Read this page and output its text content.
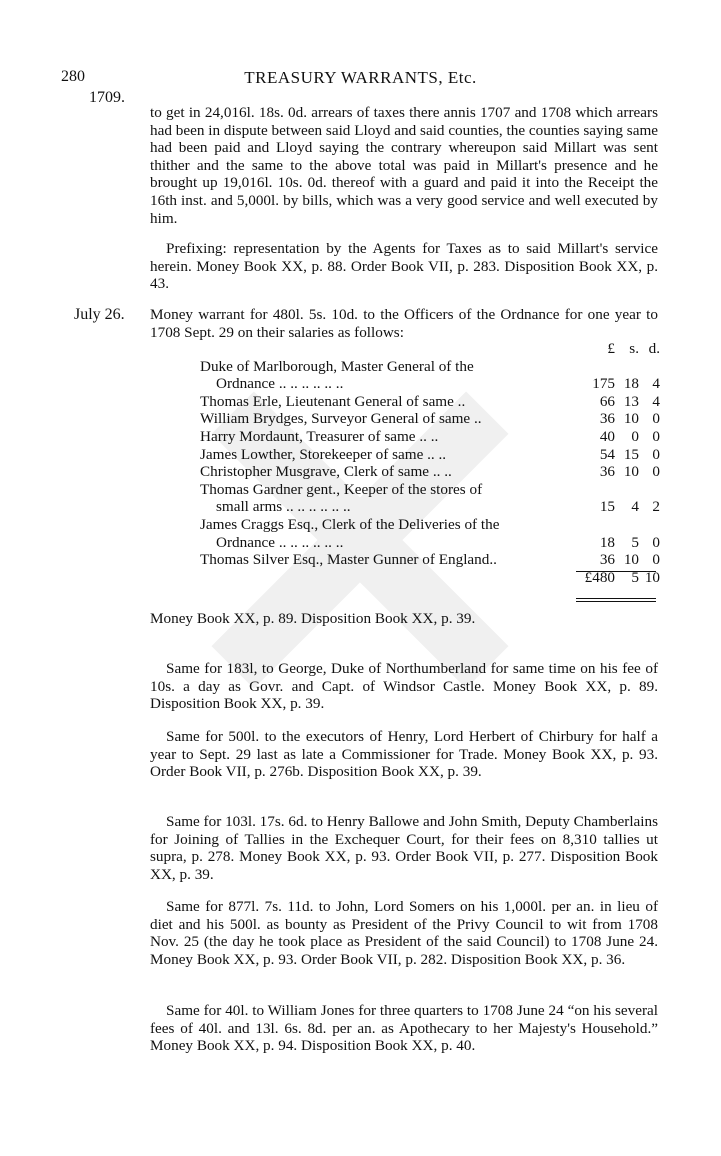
280	TREASURY WARRANTS, Etc.
1709.
to get in 24,016l. 18s. 0d. arrears of taxes there annis 1707 and 1708 which arrears had been in dispute between said Lloyd and said counties, the counties saying same had been paid and Lloyd saying the contrary whereupon said Millart was sent thither and the same to the above total was paid in Millart's presence and he brought up 19,016l. 10s. 0d. thereof with a guard and paid it into the Receipt the 16th inst. and 5,000l. by bills, which was a very good service and well executed by him.
Prefixing: representation by the Agents for Taxes as to said Millart's service herein. Money Book XX, p. 88. Order Book VII, p. 283. Disposition Book XX, p. 43.
July 26. Money warrant for 480l. 5s. 10d. to the Officers of the Ordnance for one year to 1708 Sept. 29 on their salaries as follows:
	£	s.	d.

Duke of Marlborough, Master General of the
Ordnance .. .. .. .. .. ..	175	18	4

Thomas Erle, Lieutenant General of same ..	66	13	4

William Brydges, Surveyor General of same ..	36	10	0

Harry Mordaunt, Treasurer of same .. ..	40	0	0

James Lowther, Storekeeper of same .. ..	54	15	0

Christopher Musgrave, Clerk of same .. ..	36	10	0

Thomas Gardner gent., Keeper of the stores of
small arms .. .. .. .. .. ..	15	4	2

James Craggs Esq., Clerk of the Deliveries of the
Ordnance .. .. .. .. .. ..	18	5	0

Thomas Silver Esq., Master Gunner of England..	36	10	0
	£480	5	10
Money Book XX, p. 89. Disposition Book XX, p. 39.
Same for 183l, to George, Duke of Northumberland for same time on his fee of 10s. a day as Govr. and Capt. of Windsor Castle. Money Book XX, p. 89. Disposition Book XX, p. 39.
Same for 500l. to the executors of Henry, Lord Herbert of Chirbury for half a year to Sept. 29 last as late a Commissioner for Trade. Money Book XX, p. 93. Order Book VII, p. 276b. Disposition Book XX, p. 39.
Same for 103l. 17s. 6d. to Henry Ballowe and John Smith, Deputy Chamberlains for Joining of Tallies in the Exchequer Court, for their fees on 8,310 tallies ut supra, p. 278. Money Book XX, p. 93. Order Book VII, p. 277. Disposition Book XX, p. 39.
Same for 877l. 7s. 11d. to John, Lord Somers on his 1,000l. per an. in lieu of diet and his 500l. as bounty as President of the Privy Council to wit from 1708 Nov. 25 (the day he took place as President of the said Council) to 1708 June 24. Money Book XX, p. 93. Order Book VII, p. 282. Disposition Book XX, p. 36.
Same for 40l. to William Jones for three quarters to 1708 June 24 “on his several fees of 40l. and 13l. 6s. 8d. per an. as Apothecary to her Majesty's Household.” Money Book XX, p. 94. Disposition Book XX, p. 40.
